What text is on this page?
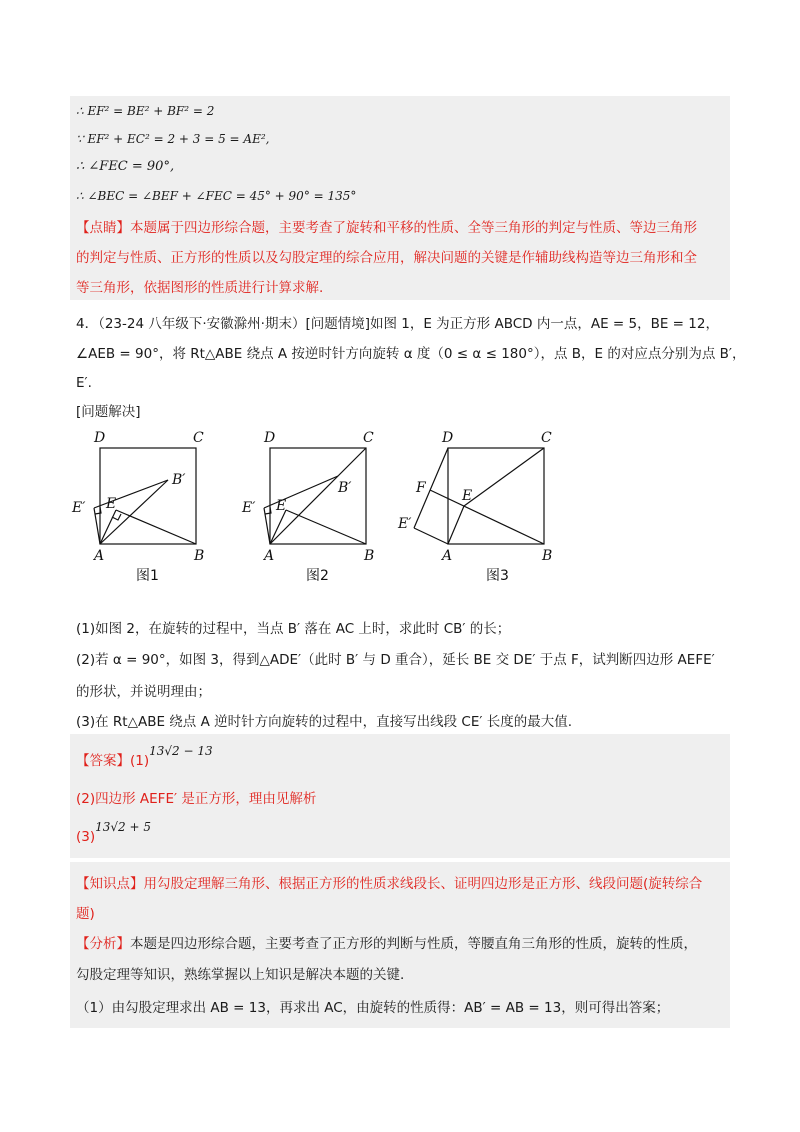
∴ EF² = BE² + BF² = 2
∵ EF² + EC² = 2 + 3 = 5 = AE²,
∴ ∠FEC = 90°,
∴ ∠BEC = ∠BEF + ∠FEC = 45° + 90° = 135°
【点睛】本题属于四边形综合题，主要考查了旋转和平移的性质、全等三角形的判定与性质、等边三角形
的判定与性质、正方形的性质以及勾股定理的综合应用，解决问题的关键是作辅助线构造等边三角形和全
等三角形，依据图形的性质进行计算求解.
4．（23-24 八年级下·安徽滁州·期末）[问题情境]如图 1，E 为正方形 ABCD 内一点，AE = 5，BE = 12，
∠AEB = 90°，将 Rt△ABE 绕点 A 按逆时针方向旋转 α 度（0 ≤ α ≤ 180°），点 B，E 的对应点分别为点 B′，
E′.
[问题解决]
D	C
A	B
E
E′
B′
图1
D	C
A	B
E
E′
B′
图2
D	C
A	B
E
F
E′
图3
(1)如图 2，在旋转的过程中，当点 B′ 落在 AC 上时，求此时 CB′ 的长；
(2)若 α = 90°，如图 3，得到△ADE′（此时 B′ 与 D 重合），延长 BE 交 DE′ 于点 F，试判断四边形 AEFE′
的形状，并说明理由；
(3)在 Rt△ABE 绕点 A 逆时针方向旋转的过程中，直接写出线段 CE′ 长度的最大值.
【答案】(1)13√2 − 13
(2)四边形 AEFE′ 是正方形，理由见解析
(3)13√2 + 5
【知识点】用勾股定理解三角形、根据正方形的性质求线段长、证明四边形是正方形、线段问题(旋转综合
题)
【分析】本题是四边形综合题，主要考查了正方形的判断与性质，等腰直角三角形的性质，旋转的性质，
勾股定理等知识，熟练掌握以上知识是解决本题的关键.
（1）由勾股定理求出 AB = 13，再求出 AC，由旋转的性质得：AB′ = AB = 13，则可得出答案；
